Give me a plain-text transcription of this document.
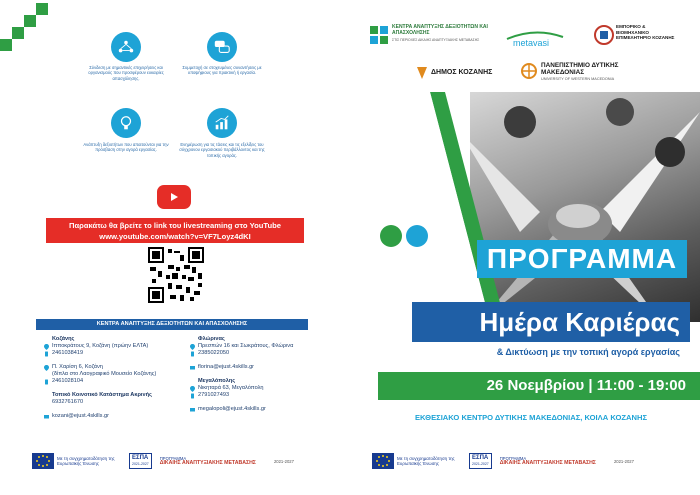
Σύνδεση με σημαντικές επιχειρήσεις και οργανισμούς που προσφέρουν ευκαιρίες απασχόλησης.
Συμμετοχή σε στοχευμένες συναντήσεις με υποψήφιους για πρακτική ή εργασία.
Ανάπτυξη δεξιοτήτων που απαιτούνται για την πρόσβαση στην αγορά εργασίας.
Ενημέρωση για τις τάσεις και τις εξελίξεις του σύγχρονου εργασιακού περιβάλλοντος και της τοπικής αγοράς.
Παρακάτω θα βρείτε το link του livestreaming στο YouTube
www.youtube.com/watch?v=VF7Loyz4dKI
ΚΕΝΤΡΑ ΑΝΑΠΤΥΞΗΣ ΔΕΞΙΟΤΗΤΩΝ ΚΑΙ ΑΠΑΣΧΟΛΗΣΗΣ
Κοζάνης
Ιπποκράτους 9, Κοζάνη (πρώην ΕΛΤΑ)
2461038419
Π. Χαρίση 6, Κοζάνη
(δίπλα στο Λαογραφικό Μουσείο Κοζάνης)
2461028104
Τοπικό Κοινοτικό Κατάστημα Ακρινής
6932761670
kozani@ejust.4skills.gr
Φλώρινας
Πρεσπών 16 και Σωκράτους, Φλώρινα
2385022050
florina@ejust.4skills.gr
Μεγαλόπολης
Νικηταρά 63, Μεγαλόπολη
2791027493
megalopoli@ejust.4skills.gr
Με τη συγχρηματοδότηση της Ευρωπαϊκής Ένωσης
ΕΣΠΑ
2021-2027
ΠΡΟΓΡΑΜΜΑ
ΔΙΚΑΙΗΣ ΑΝΑΠΤΥΞΙΑΚΗΣ ΜΕΤΑΒΑΣΗΣ	2021-2027
ΚΕΝΤΡΑ ΑΝΑΠΤΥΞΗΣ ΔΕΞΙΟΤΗΤΩΝ ΚΑΙ ΑΠΑΣΧΟΛΗΣΗΣ
ΣΤΙΣ ΠΕΡΙΟΧΕΣ ΔΙΚΑΙΗΣ ΑΝΑΠΤΥΞΙΑΚΗΣ ΜΕΤΑΒΑΣΗΣ	metavasi
ΕΜΠΟΡΙΚΟ & ΒΙΟΜΗΧΑΝΙΚΟ ΕΠΙΜΕΛΗΤΗΡΙΟ ΚΟΖΑΝΗΣ
ΔΗΜΟΣ ΚΟΖΑΝΗΣ
ΠΑΝΕΠΙΣΤΗΜΙΟ ΔΥΤΙΚΗΣ ΜΑΚΕΔΟΝΙΑΣ
UNIVERSITY OF WESTERN MACEDONIA
ΠΡΟΓΡΑΜΜΑ
Ημέρα Καριέρας
& Δικτύωση με την τοπική αγορά εργασίας
26 Νοεμβρίου | 11:00 - 19:00
ΕΚΘΕΣΙΑΚΟ ΚΕΝΤΡΟ ΔΥΤΙΚΗΣ ΜΑΚΕΔΟΝΙΑΣ, ΚΟΙΛΑ ΚΟΖΑΝΗΣ
Με τη συγχρηματοδότηση της Ευρωπαϊκής Ένωσης
ΕΣΠΑ
2021-2027
ΠΡΟΓΡΑΜΜΑ
ΔΙΚΑΙΗΣ ΑΝΑΠΤΥΞΙΑΚΗΣ ΜΕΤΑΒΑΣΗΣ	2021-2027
